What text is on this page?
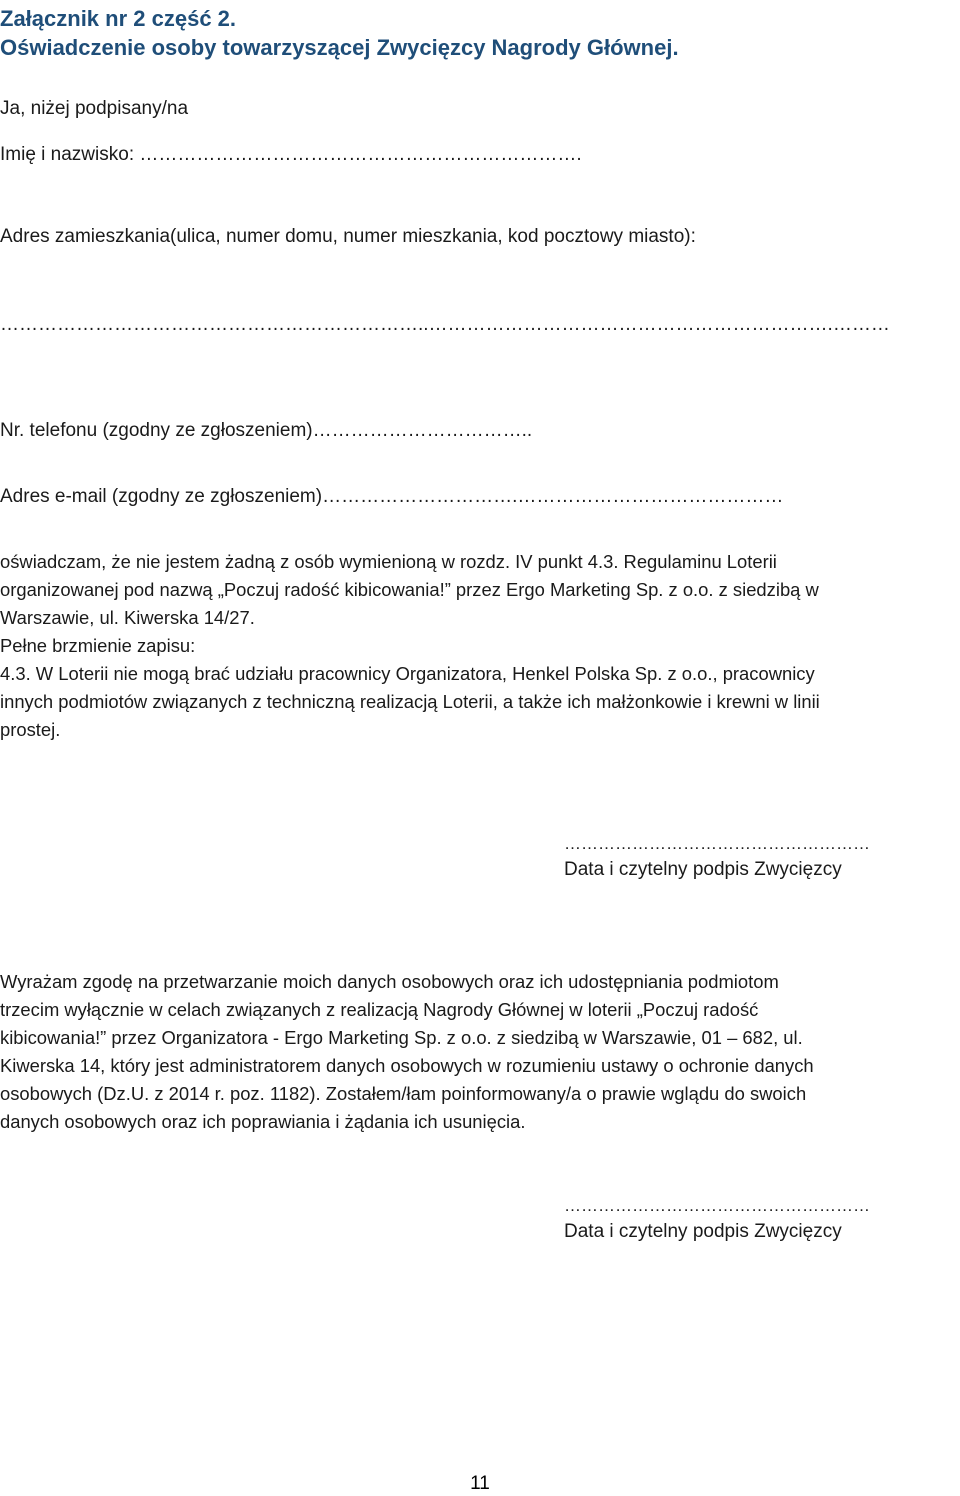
Załącznik nr 2 część 2.

Oświadczenie osoby towarzyszącej Zwycięzcy Nagrody Głównej.

Ja, niżej podpisany/na

Imię i nazwisko: …………………………………………………………….

Adres zamieszkania(ulica, numer domu, numer mieszkania, kod pocztowy miasto):

…………………………………………………………..……………………………………………………….………

Nr. telefonu (zgodny ze zgłoszeniem)……………………………..

Adres e-mail (zgodny ze zgłoszeniem)………………………….……………………………………

oświadczam, że nie jestem żadną z osób wymienioną w rozdz. IV punkt 4.3. Regulaminu Loterii
organizowanej pod nazwą „Poczuj radość kibicowania!” przez Ergo Marketing Sp. z o.o. z siedzibą w
Warszawie, ul. Kiwerska 14/27.
Pełne brzmienie zapisu:
4.3. W Loterii nie mogą brać udziału pracownicy Organizatora, Henkel Polska Sp. z o.o., pracownicy
innych podmiotów związanych z techniczną realizacją Loterii, a także ich małżonkowie i krewni w linii
prostej.

………………………………………………

Data i czytelny podpis Zwycięzcy

Wyrażam zgodę na przetwarzanie moich danych osobowych oraz ich udostępniania podmiotom
trzecim wyłącznie w celach związanych z realizacją Nagrody Głównej w loterii „Poczuj radość
kibicowania!” przez Organizatora - Ergo Marketing Sp. z o.o. z siedzibą w Warszawie, 01 – 682, ul.
Kiwerska 14, który jest administratorem danych osobowych w rozumieniu ustawy o ochronie danych
osobowych (Dz.U. z 2014 r. poz. 1182). Zostałem/łam poinformowany/a o prawie wglądu do swoich
danych osobowych oraz ich poprawiania i żądania ich usunięcia.

………………………………………………

Data i czytelny podpis Zwycięzcy

11
